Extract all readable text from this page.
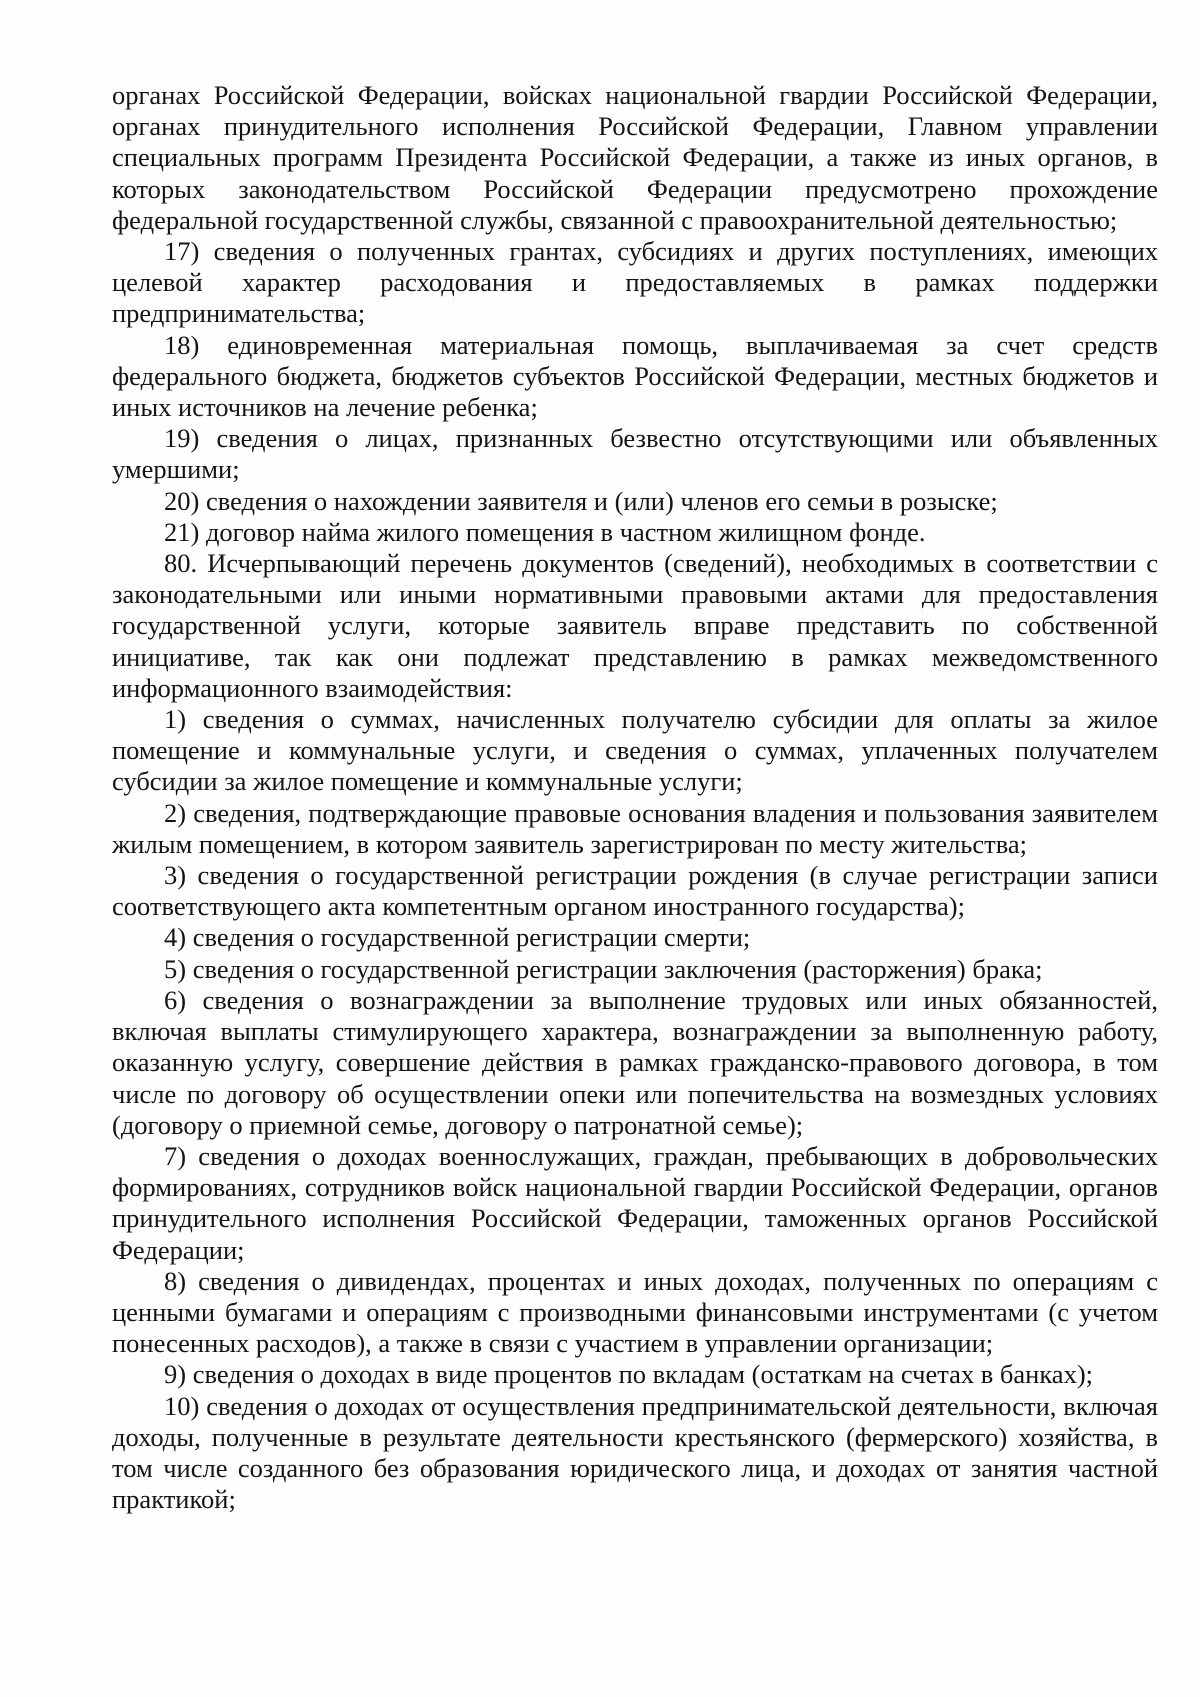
органах Российской Федерации, войсках национальной гвардии Российской Федерации, органах принудительного исполнения Российской Федерации, Главном управлении специальных программ Президента Российской Федерации, а также из иных органов, в которых законодательством Российской Федерации предусмотрено прохождение федеральной государственной службы, связанной с правоохранительной деятельностью;

17) сведения о полученных грантах, субсидиях и других поступлениях, имеющих целевой характер расходования и предоставляемых в рамках поддержки предпринимательства;

18) единовременная материальная помощь, выплачиваемая за счет средств федерального бюджета, бюджетов субъектов Российской Федерации, местных бюджетов и иных источников на лечение ребенка;

19) сведения о лицах, признанных безвестно отсутствующими или объявленных умершими;

20) сведения о нахождении заявителя и (или) членов его семьи в розыске;

21) договор найма жилого помещения в частном жилищном фонде.

80. Исчерпывающий перечень документов (сведений), необходимых в соответствии с законодательными или иными нормативными правовыми актами для предоставления государственной услуги, которые заявитель вправе представить по собственной инициативе, так как они подлежат представлению в рамках межведомственного информационного взаимодействия:

1) сведения о суммах, начисленных получателю субсидии для оплаты за жилое помещение и коммунальные услуги, и сведения о суммах, уплаченных получателем субсидии за жилое помещение и коммунальные услуги;

2) сведения, подтверждающие правовые основания владения и пользования заявителем жилым помещением, в котором заявитель зарегистрирован по месту жительства;

3) сведения о государственной регистрации рождения (в случае регистрации записи соответствующего акта компетентным органом иностранного государства);

4) сведения о государственной регистрации смерти;

5) сведения о государственной регистрации заключения (расторжения) брака;

6) сведения о вознаграждении за выполнение трудовых или иных обязанностей, включая выплаты стимулирующего характера, вознаграждении за выполненную работу, оказанную услугу, совершение действия в рамках гражданско-правового договора, в том числе по договору об осуществлении опеки или попечительства на возмездных условиях (договору о приемной семье, договору о патронатной семье);

7) сведения о доходах военнослужащих, граждан, пребывающих в добровольческих формированиях, сотрудников войск национальной гвардии Российской Федерации, органов принудительного исполнения Российской Федерации, таможенных органов Российской Федерации;

8) сведения о дивидендах, процентах и иных доходах, полученных по операциям с ценными бумагами и операциям с производными финансовыми инструментами (с учетом понесенных расходов), а также в связи с участием в управлении организации;

9) сведения о доходах в виде процентов по вкладам (остаткам на счетах в банках);

10) сведения о доходах от осуществления предпринимательской деятельности, включая доходы, полученные в результате деятельности крестьянского (фермерского) хозяйства, в том числе созданного без образования юридического лица, и доходах от занятия частной практикой;
